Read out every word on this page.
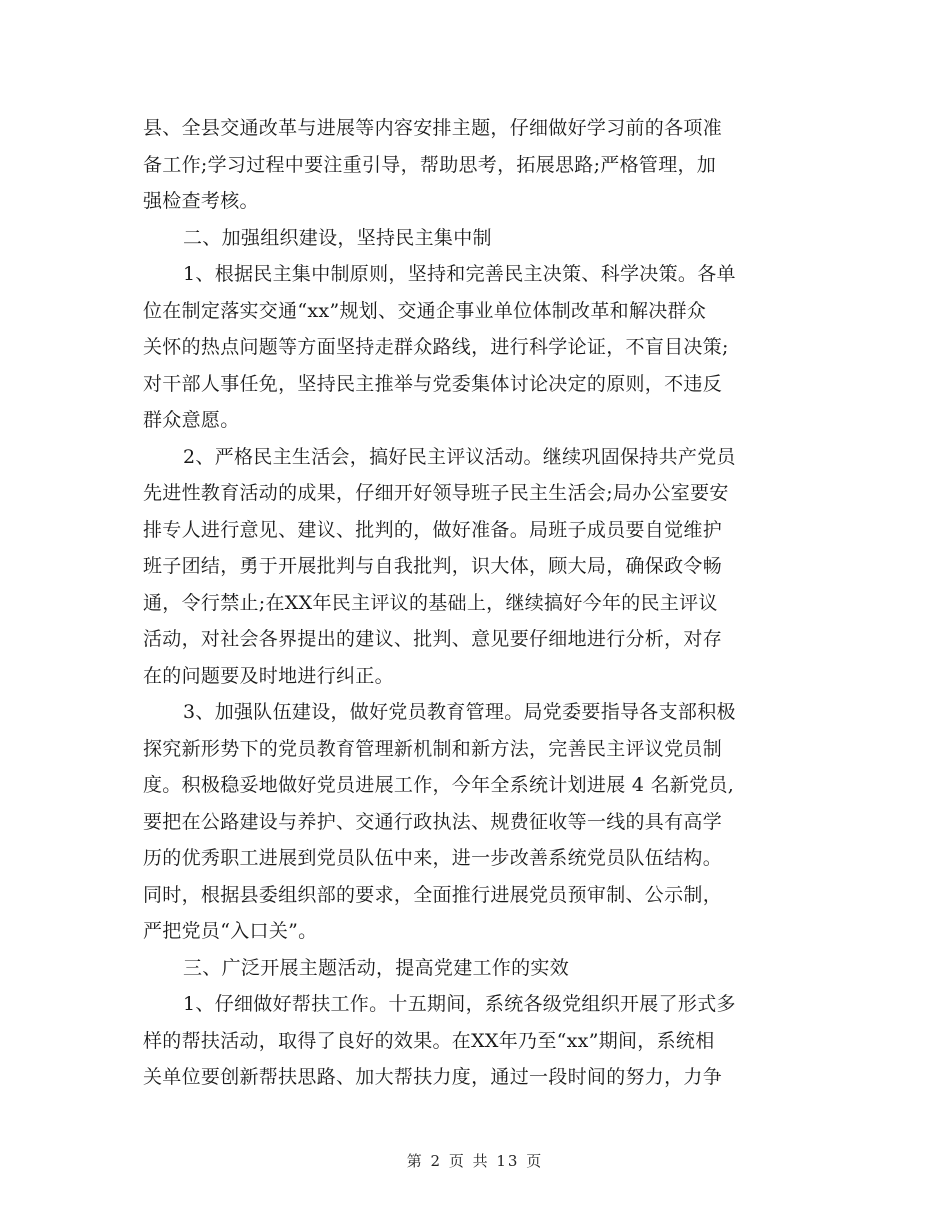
县、全县交通改革与进展等内容安排主题，仔细做好学习前的各项准
备工作;学习过程中要注重引导，帮助思考，拓展思路;严格管理，加
强检查考核。
二、加强组织建设，坚持民主集中制
1、根据民主集中制原则，坚持和完善民主决策、科学决策。各单
位在制定落实交通“xx”规划、交通企事业单位体制改革和解决群众
关怀的热点问题等方面坚持走群众路线，进行科学论证，不盲目决策;
对干部人事任免，坚持民主推举与党委集体讨论决定的原则，不违反
群众意愿。
2、严格民主生活会，搞好民主评议活动。继续巩固保持共产党员
先进性教育活动的成果，仔细开好领导班子民主生活会;局办公室要安
排专人进行意见、建议、批判的，做好准备。局班子成员要自觉维护
班子团结，勇于开展批判与自我批判，识大体，顾大局，确保政令畅
通，令行禁止;在XX年民主评议的基础上，继续搞好今年的民主评议
活动，对社会各界提出的建议、批判、意见要仔细地进行分析，对存
在的问题要及时地进行纠正。
3、加强队伍建设，做好党员教育管理。局党委要指导各支部积极
探究新形势下的党员教育管理新机制和新方法，完善民主评议党员制
度。积极稳妥地做好党员进展工作，今年全系统计划进展 4 名新党员,
要把在公路建设与养护、交通行政执法、规费征收等一线的具有高学
历的优秀职工进展到党员队伍中来，进一步改善系统党员队伍结构。
同时，根据县委组织部的要求，全面推行进展党员预审制、公示制，
严把党员“入口关”。
三、广泛开展主题活动，提高党建工作的实效
1、仔细做好帮扶工作。十五期间，系统各级党组织开展了形式多
样的帮扶活动，取得了良好的效果。在XX年乃至“xx”期间，系统相
关单位要创新帮扶思路、加大帮扶力度，通过一段时间的努力，力争
第 2 页 共 13 页
